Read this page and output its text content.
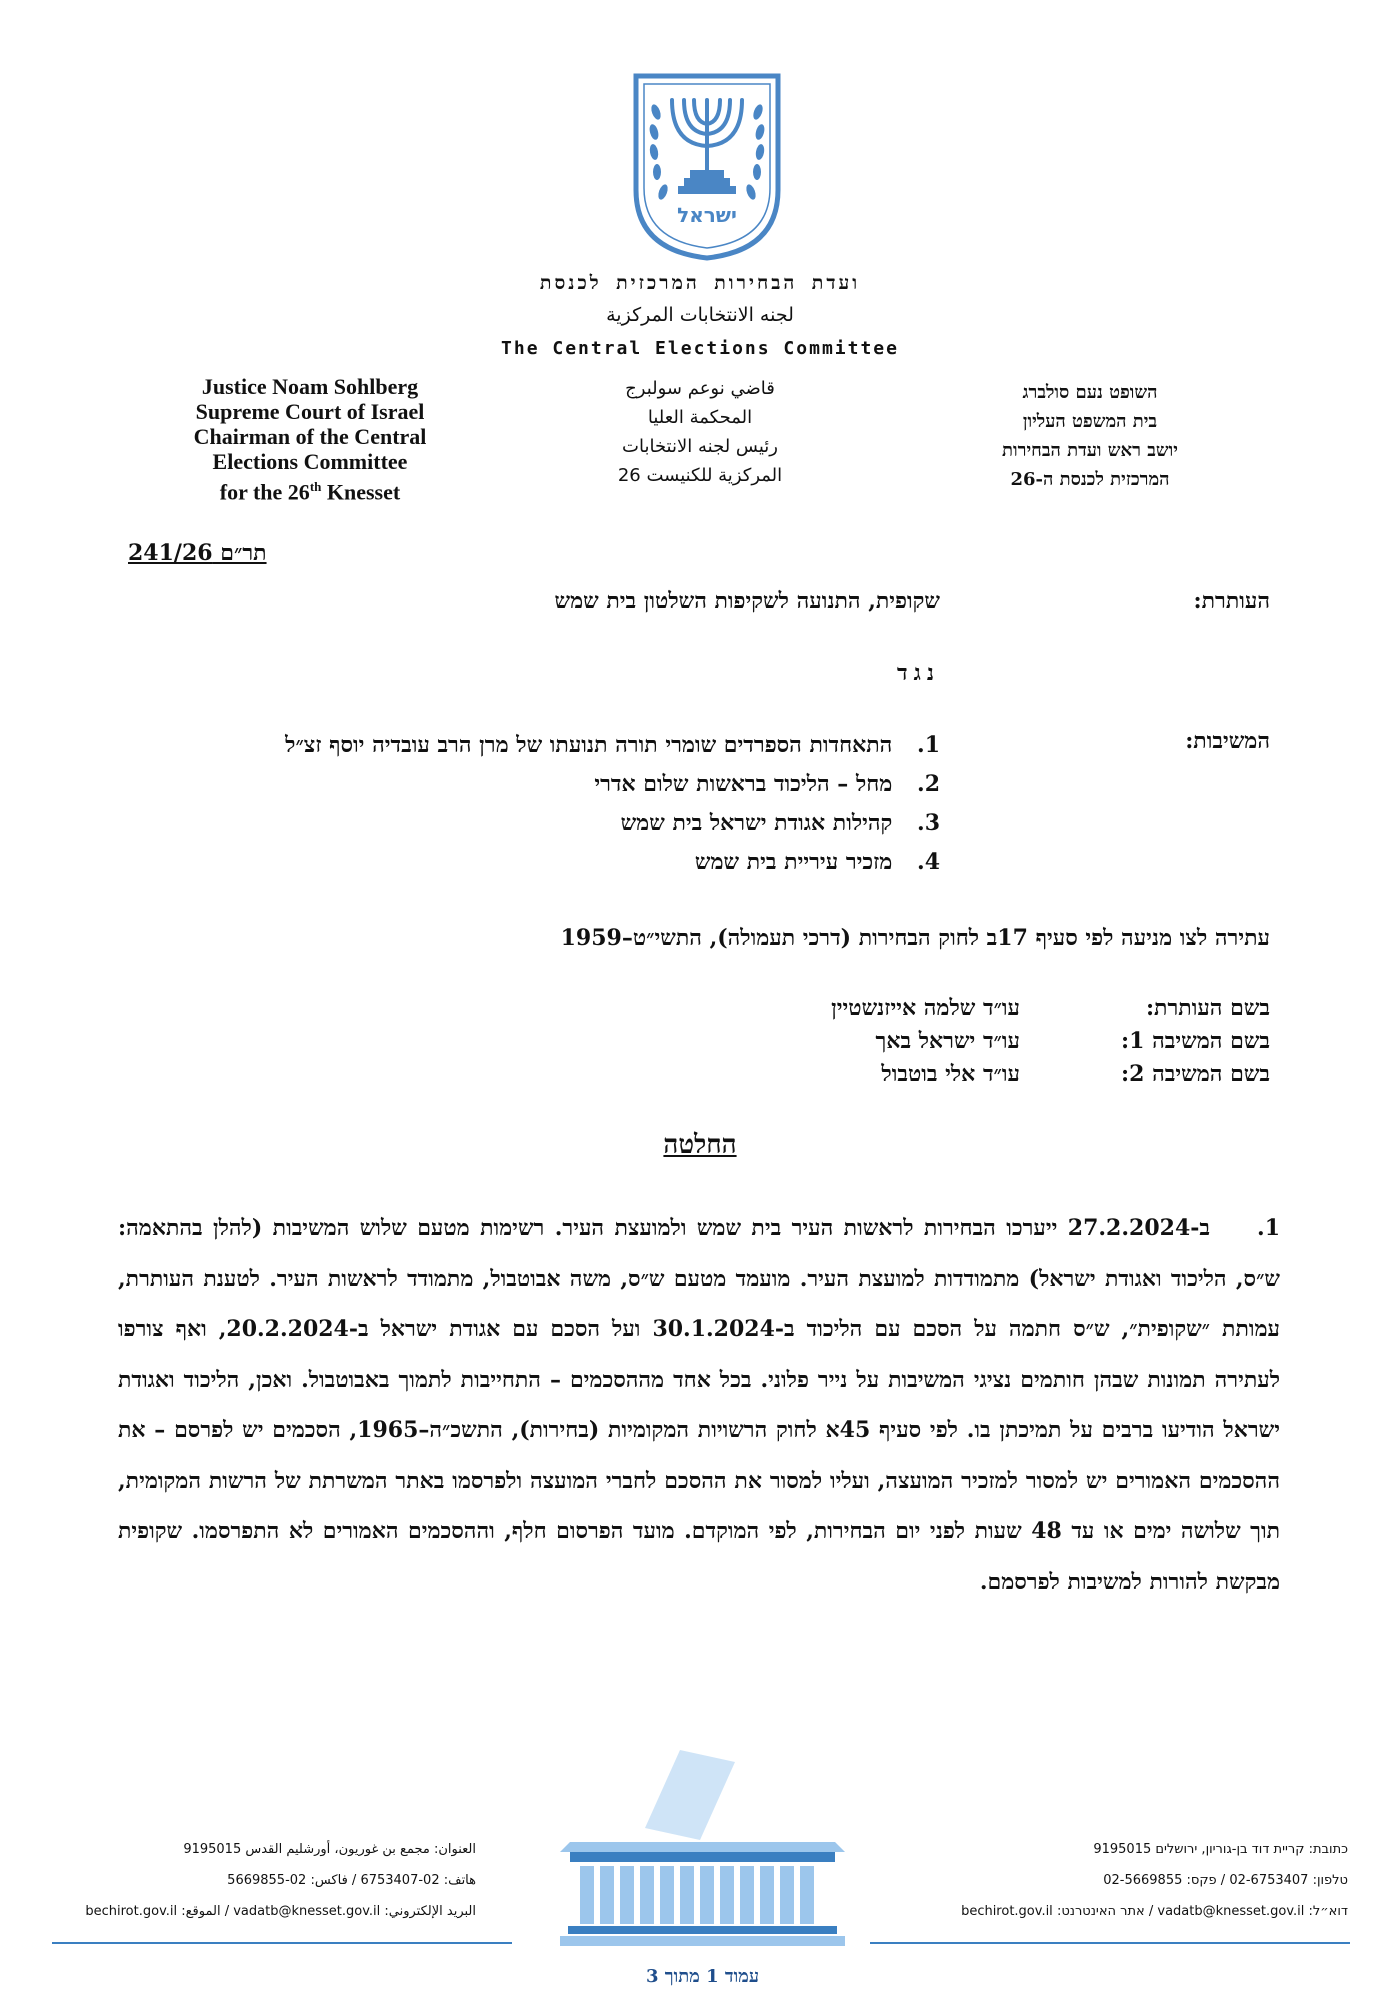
ישראל
ועדת הבחירות המרכזית לכנסת
لجنه الانتخابات المركزية
The Central Elections Committee
Justice Noam Sohlberg
Supreme Court of Israel
Chairman of the Central
Elections Committee
for the 26th Knesset
قاضي نوعم سولبرج
المحكمة العليا
رئيس لجنه الانتخابات
المركزية للكنيست 26
השופט נעם סולברג
בית המשפט העליון
יושב ראש ועדת הבחירות
המרכזית לכנסת ה-26
תר״ם 241/26
העותרת:
שקופית, התנועה לשקיפות השלטון בית שמש
נגד
המשיבות:
1. התאחדות הספרדים שומרי תורה תנועתו של מרן הרב עובדיה יוסף זצ״ל
2. מחל – הליכוד בראשות שלום אדרי
3. קהילות אגודת ישראל בית שמש
4. מזכיר עיריית בית שמש
עתירה לצו מניעה לפי סעיף 17ב לחוק הבחירות (דרכי תעמולה), התשי״ט–1959
בשם העותרת:
עו״ד שלמה אייזנשטיין
בשם המשיבה 1:
עו״ד ישראל באך
בשם המשיבה 2:
עו״ד אלי בוטבול
החלטה
1.ב-27.2.2024 ייערכו הבחירות לראשות העיר בית שמש ולמועצת העיר. רשימות מטעם שלוש המשיבות (להלן בהתאמה: ש״ס, הליכוד ואגודת ישראל) מתמודדות למועצת העיר. מועמד מטעם ש״ס, משה אבוטבול, מתמודד לראשות העיר. לטענת העותרת, עמותת ״שקופית״, ש״ס חתמה על הסכם עם הליכוד ב-30.1.2024 ועל הסכם עם אגודת ישראל ב-20.2.2024, ואף צורפו לעתירה תמונות שבהן חותמים נציגי המשיבות על נייר פלוני. בכל אחד מההסכמים – התחייבות לתמוך באבוטבול. ואכן, הליכוד ואגודת ישראל הודיעו ברבים על תמיכתן בו. לפי סעיף 45א לחוק הרשויות המקומיות (בחירות), התשכ״ה–1965, הסכמים יש לפרסם – את ההסכמים האמורים יש למסור למזכיר המועצה, ועליו למסור את ההסכם לחברי המועצה ולפרסמו באתר המשרתת של הרשות המקומית, תוך שלושה ימים או עד 48 שעות לפני יום הבחירות, לפי המוקדם. מועד הפרסום חלף, וההסכמים האמורים לא התפרסמו. שקופית מבקשת להורות למשיבות לפרסמם.
כתובת: קריית דוד בן-גוריון, ירושלים 9195015
טלפון: 02-6753407 / פקס: 02-5669855
דוא״ל: vadatb@knesset.gov.il / אתר האינטרנט: bechirot.gov.il
العنوان: مجمع بن غوريون، أورشليم القدس 9195015
هاتف: 02-6753407 / فاكس: 02-5669855
البريد الإلكتروني: vadatb@knesset.gov.il / الموقع: bechirot.gov.il
עמוד 1 מתוך 3
